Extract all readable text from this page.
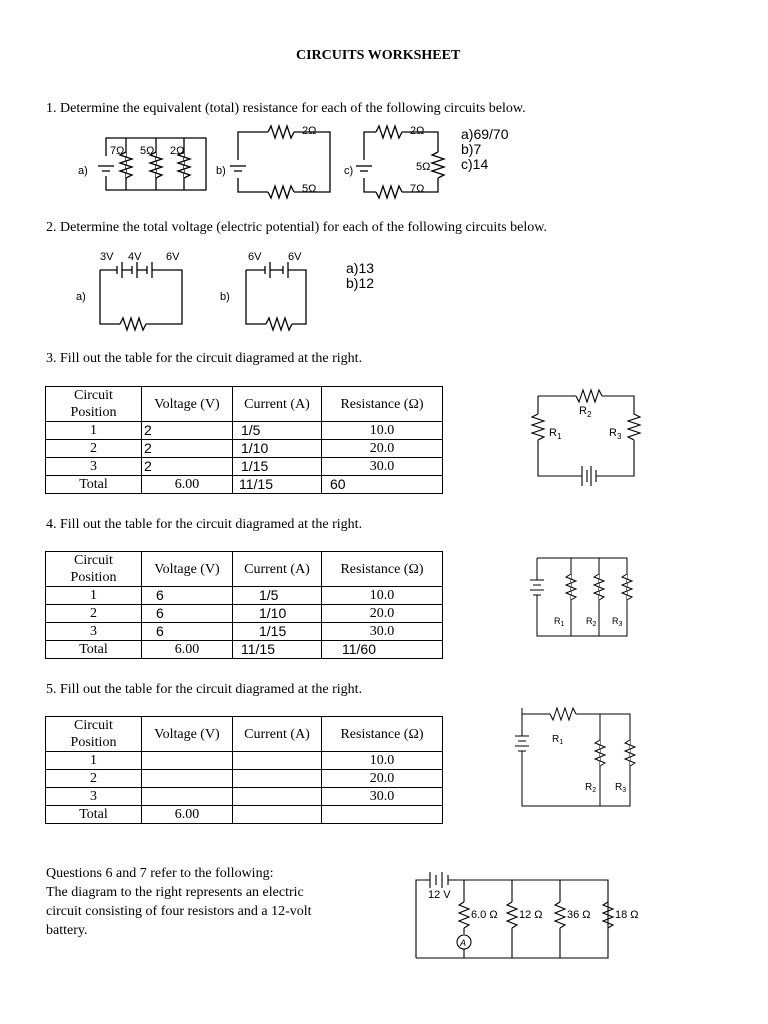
CIRCUITS WORKSHEET
1. Determine the equivalent (total) resistance for each of the following circuits below.
a)
7Ω 5Ω 2Ω
b)
2Ω
5Ω
c)
2Ω
5Ω
7Ω
a)69/70
b)7
c)14
2. Determine the total voltage (electric potential) for each of the following circuits below.
a)
3V 4V 6V
b)
6V 6V
a)13
b)12
3. Fill out the table for the circuit diagramed at the right.
Circuit
Position	Voltage (V)	Current (A)	Resistance (Ω)
1	2	1/5	10.0
2	2	1/10	20.0
3	2	1/15	30.0
Total	6.00	11/15	60
$R_1$
$R_2$
$R_3$
4. Fill out the table for the circuit diagramed at the right.
Circuit
Position	Voltage (V)	Current (A)	Resistance (Ω)
1	6	1/5	10.0
2	6	1/10	20.0
3	6	1/15	30.0
Total	6.00	11/15	11/60
$R_1$ $R_2$ $R_3$
5. Fill out the table for the circuit diagramed at the right.
Circuit
Position	Voltage (V)	Current (A)	Resistance (Ω)
1			10.0
2			20.0
3			30.0
Total	6.00		
$R_1$
$R_2$ $R_3$
Questions 6 and 7 refer to the following:
The diagram to the right represents an electric
circuit consisting of four resistors and a 12-volt
battery.
12 V
6.0 Ω 12 Ω 36 Ω 18 Ω
A
